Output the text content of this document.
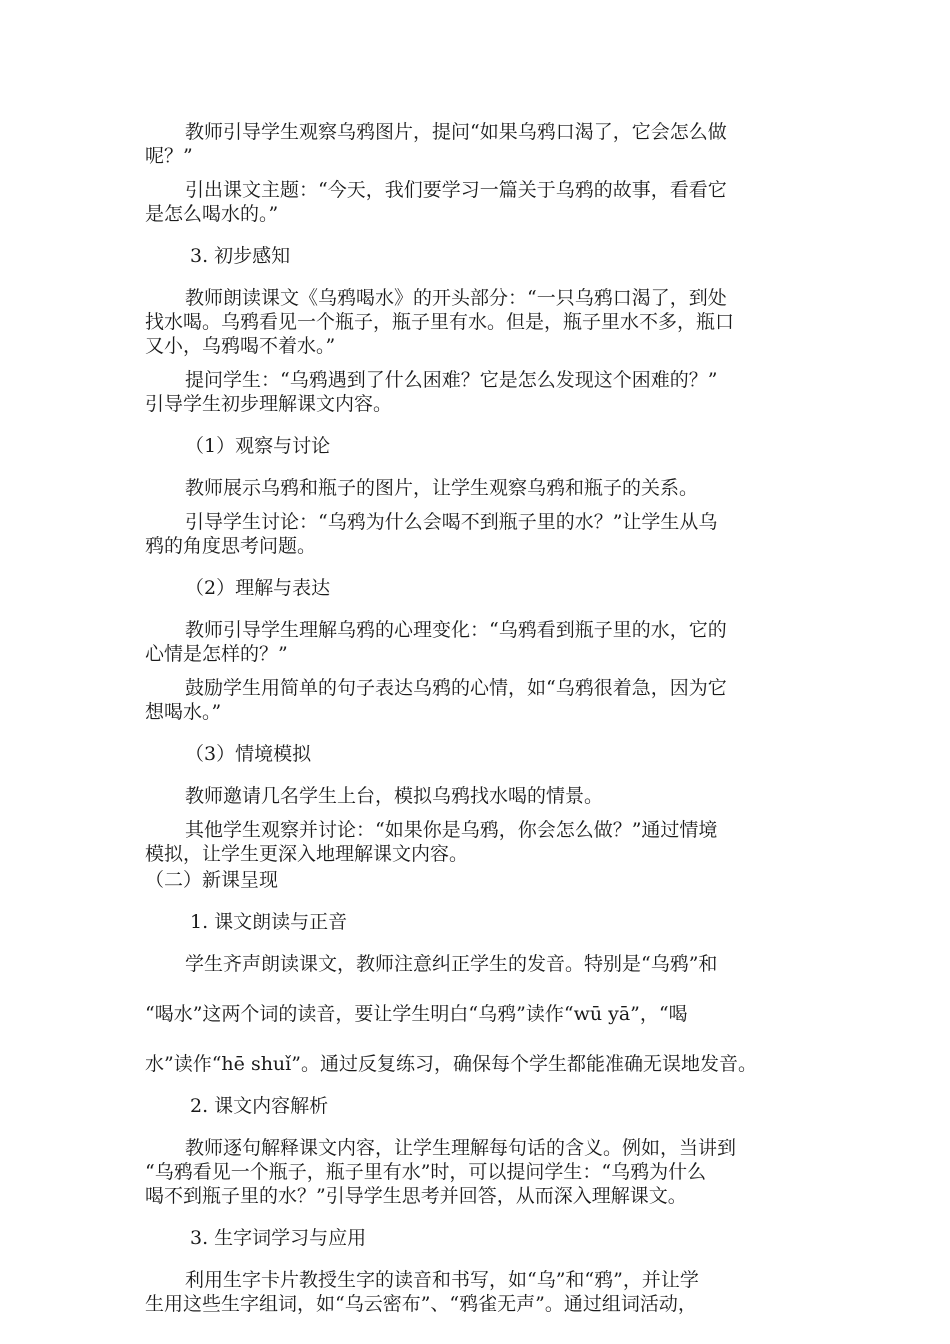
教师引导学生观察乌鸦图片，提问“如果乌鸦口渴了，它会怎么做
呢？”
引出课文主题：“今天，我们要学习一篇关于乌鸦的故事，看看它
是怎么喝水的。”
3. 初步感知
教师朗读课文《乌鸦喝水》的开头部分：“一只乌鸦口渴了，到处
找水喝。乌鸦看见一个瓶子，瓶子里有水。但是，瓶子里水不多，瓶口
又小，乌鸦喝不着水。”
提问学生：“乌鸦遇到了什么困难？它是怎么发现这个困难的？”
引导学生初步理解课文内容。
（1）观察与讨论
教师展示乌鸦和瓶子的图片，让学生观察乌鸦和瓶子的关系。
引导学生讨论：“乌鸦为什么会喝不到瓶子里的水？”让学生从乌
鸦的角度思考问题。
（2）理解与表达
教师引导学生理解乌鸦的心理变化：“乌鸦看到瓶子里的水，它的
心情是怎样的？”
鼓励学生用简单的句子表达乌鸦的心情，如“乌鸦很着急，因为它
想喝水。”
（3）情境模拟
教师邀请几名学生上台，模拟乌鸦找水喝的情景。
其他学生观察并讨论：“如果你是乌鸦，你会怎么做？”通过情境
模拟，让学生更深入地理解课文内容。
（二）新课呈现
1. 课文朗读与正音
学生齐声朗读课文，教师注意纠正学生的发音。特别是“乌鸦”和
“喝水”这两个词的读音，要让学生明白“乌鸦”读作“wū yā”，“喝
水”读作“hē shuǐ”。通过反复练习，确保每个学生都能准确无误地发音。
2. 课文内容解析
教师逐句解释课文内容，让学生理解每句话的含义。例如，当讲到
“乌鸦看见一个瓶子，瓶子里有水”时，可以提问学生：“乌鸦为什么
喝不到瓶子里的水？”引导学生思考并回答，从而深入理解课文。
3. 生字词学习与应用
利用生字卡片教授生字的读音和书写，如“乌”和“鸦”，并让学
生用这些生字组词，如“乌云密布”、“鸦雀无声”。通过组词活动，
